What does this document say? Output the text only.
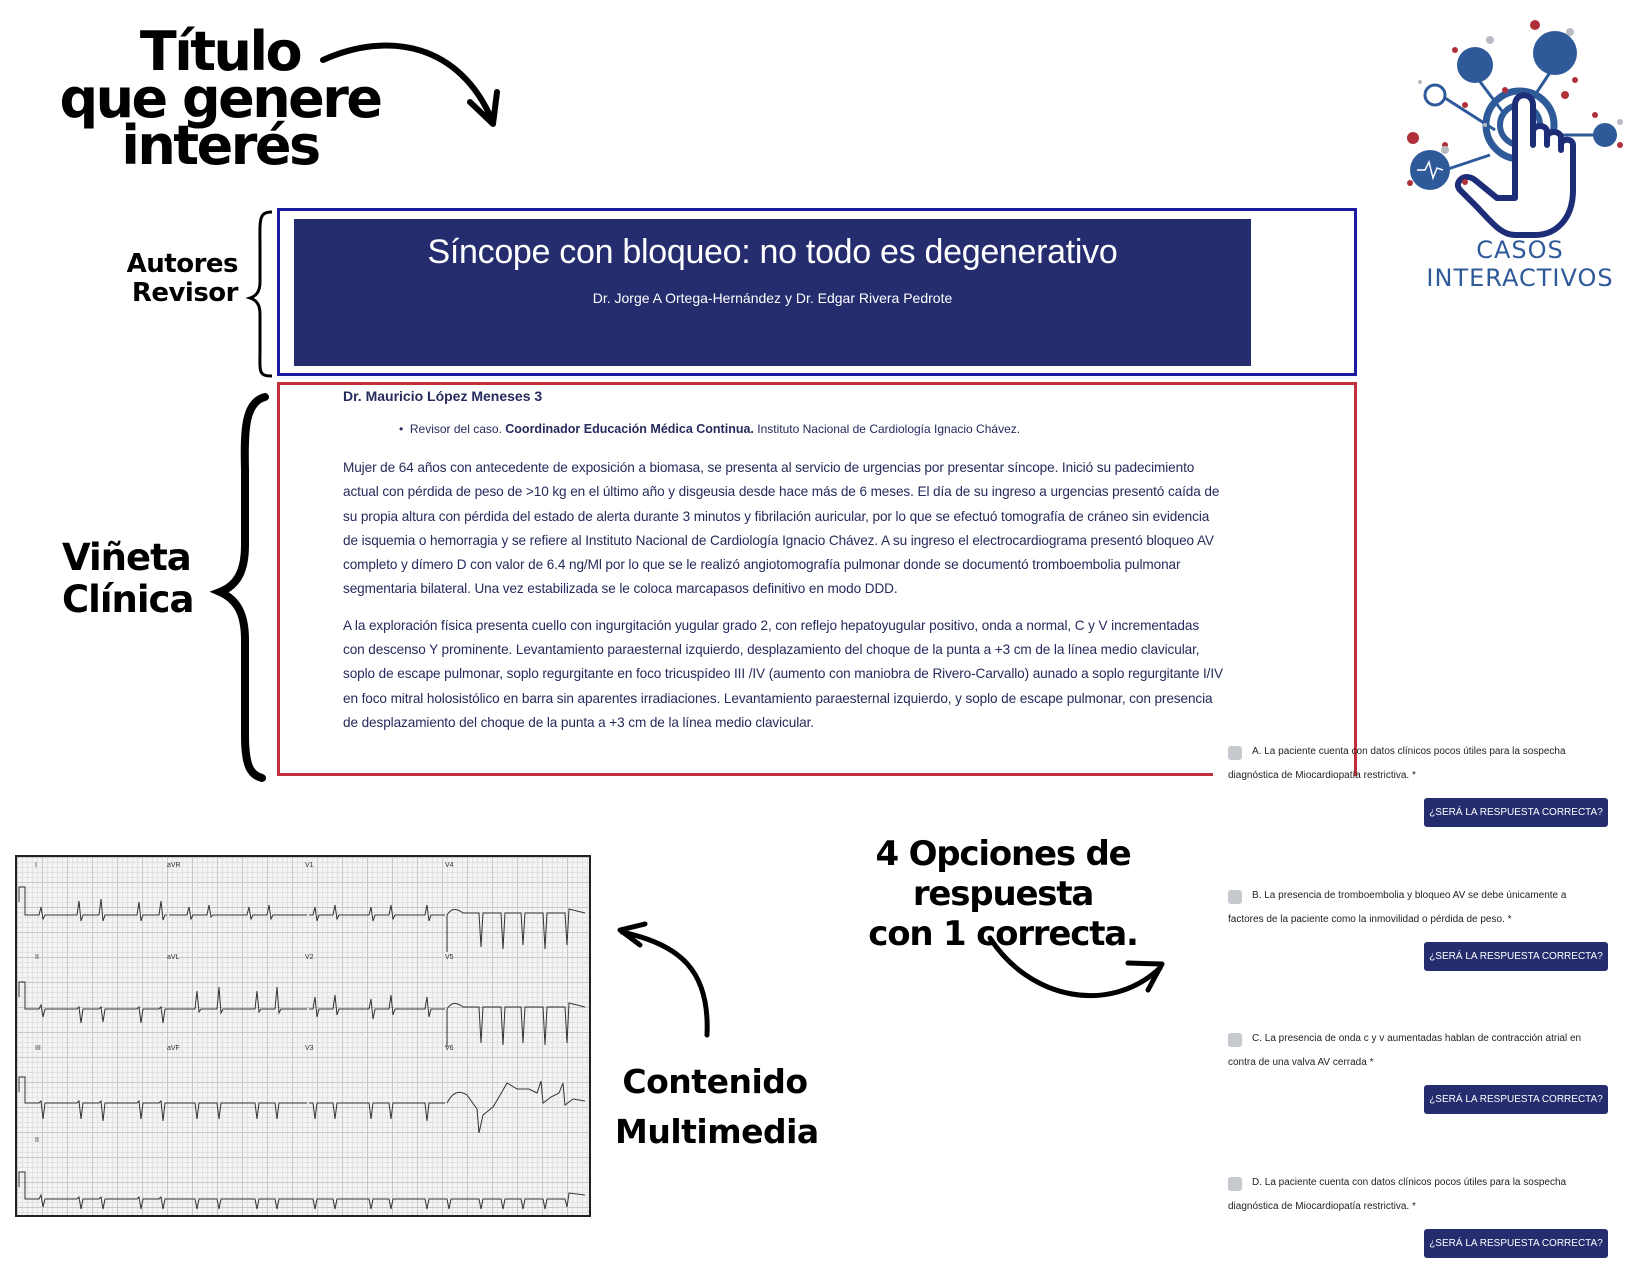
Título
que genere
interés
Autores
Revisor
Viñeta
Clínica
4 Opciones de respuesta
con 1 correcta.
Contenido
Multimedia
Síncope con bloqueo: no todo es degenerativo
Dr. Jorge A Ortega-Hernández y Dr. Edgar Rivera Pedrote
Dr. Mauricio López Meneses 3
•  Revisor del caso. Coordinador Educación Médica Continua. Instituto Nacional de Cardiología Ignacio Chávez.

Mujer de 64 años con antecedente de exposición a biomasa, se presenta al servicio de urgencias por presentar síncope. Inició su padecimiento actual con pérdida de peso de >10 kg en el último año y disgeusia desde hace más de 6 meses. El día de su ingreso a urgencias presentó caída de su propia altura con pérdida del estado de alerta durante 3 minutos y fibrilación auricular, por lo que se efectuó tomografía de cráneo sin evidencia de isquemia o hemorragia y se refiere al Instituto Nacional de Cardiología Ignacio Chávez. A su ingreso el electrocardiograma presentó bloqueo AV completo y dímero D con valor de 6.4 ng/Ml por lo que se le realizó angiotomografía pulmonar donde se documentó tromboembolia pulmonar segmentaria bilateral. Una vez estabilizada se le coloca marcapasos definitivo en modo DDD.

A la exploración física presenta cuello con ingurgitación yugular grado 2, con reflejo hepatoyugular positivo, onda a normal, C y V incrementadas con descenso Y prominente. Levantamiento paraesternal izquierdo, desplazamiento del choque de la punta a +3 cm de la línea medio clavicular, soplo de escape pulmonar, soplo regurgitante en foco tricuspídeo III /IV (aumento con maniobra de Rivero-Carvallo) aunado a soplo regurgitante I/IV en foco mitral holosistólico en barra sin aparentes irradiaciones. Levantamiento paraesternal izquierdo, y soplo de escape pulmonar, con presencia de desplazamiento del choque de la punta a +3 cm de la línea medio clavicular.

I	aVR	V1	V4
II	aVL	V2	V5
III	aVF	V3	V6
II
A. La paciente cuenta con datos clínicos pocos útiles para la sospecha
diagnóstica de Miocardiopatía restrictiva. *
¿SERÁ LA RESPUESTA CORRECTA?
B. La presencia de tromboembolia y bloqueo AV se debe únicamente a
factores de la paciente como la inmovilidad o pérdida de peso. *
¿SERÁ LA RESPUESTA CORRECTA?
C. La presencia de onda c y v aumentadas hablan de contracción atrial en
contra de una valva AV cerrada *
¿SERÁ LA RESPUESTA CORRECTA?
D. La paciente cuenta con datos clínicos pocos útiles para la sospecha
diagnóstica de Miocardiopatía restrictiva. *
¿SERÁ LA RESPUESTA CORRECTA?
CASOS
INTERACTIVOS
